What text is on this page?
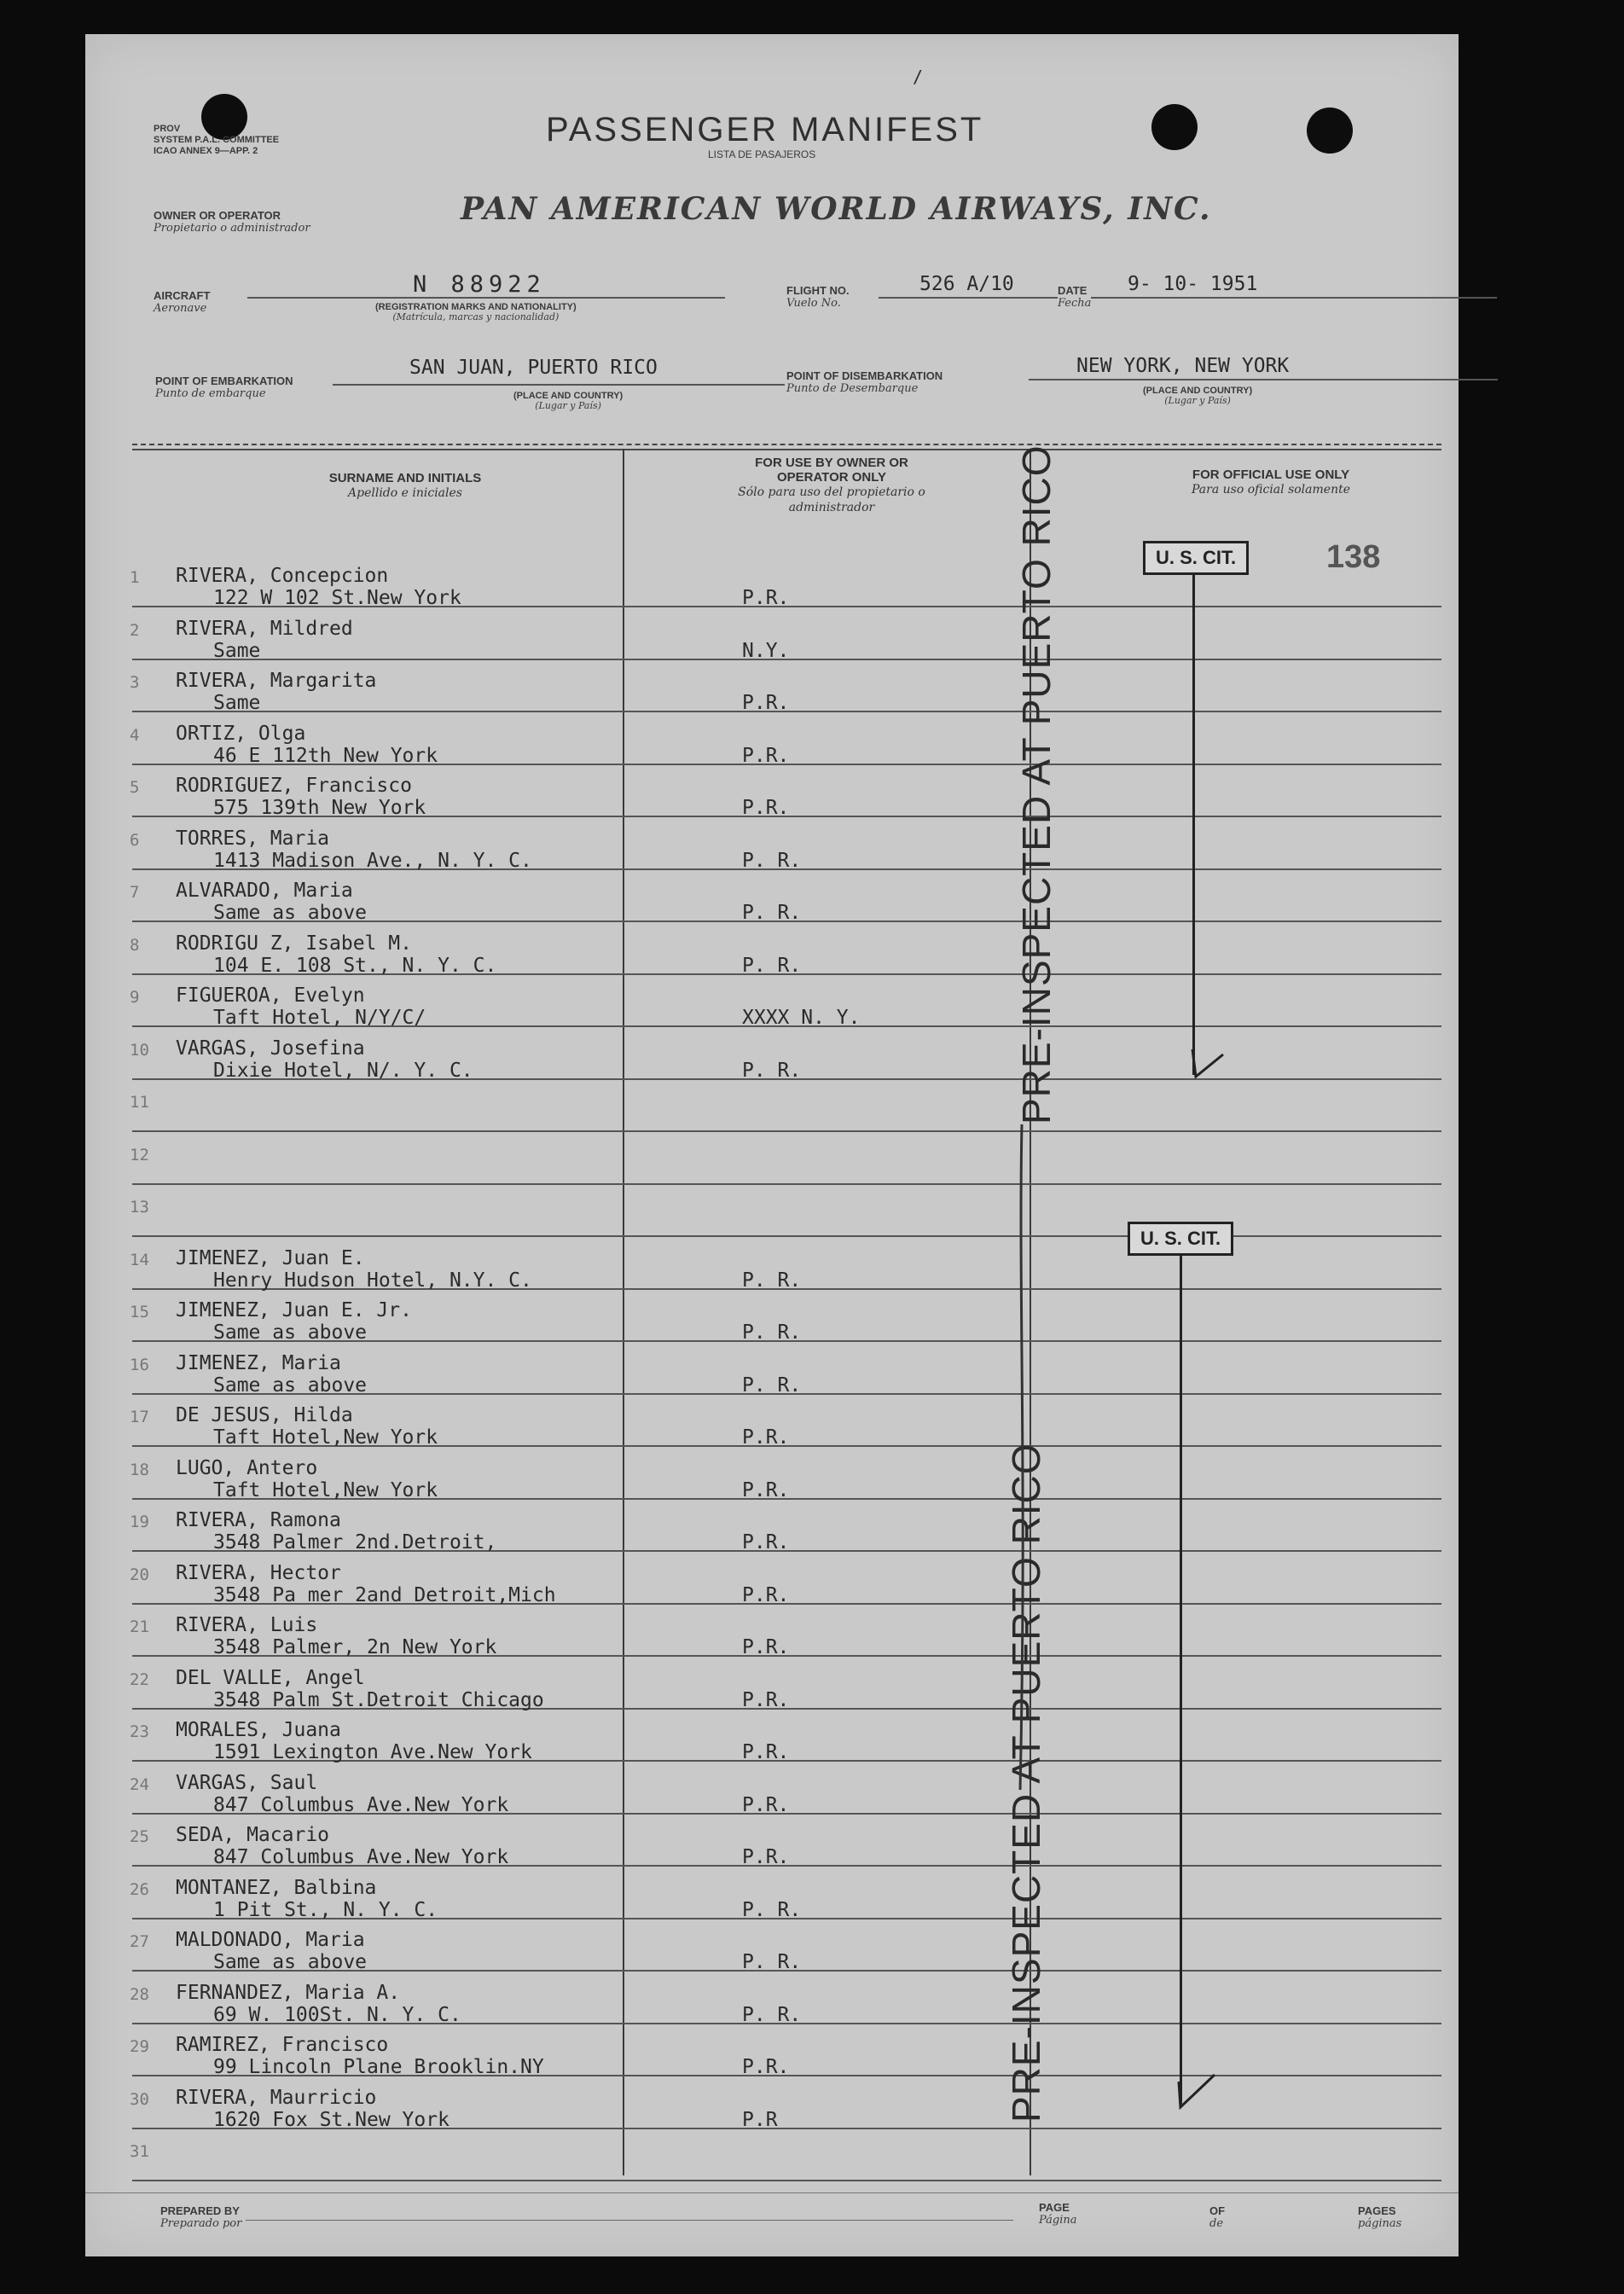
PROV
SYSTEM P.A.L. COMMITTEE
ICAO ANNEX 9—APP. 2
/
PASSENGER MANIFEST
LISTA DE PASAJEROS
OWNER OR OPERATOR
Propietario o administrador
PAN AMERICAN WORLD AIRWAYS, INC.
AIRCRAFT
Aeronave
N 88922
(REGISTRATION MARKS AND NATIONALITY)
(Matrícula, marcas y nacionalidad)
FLIGHT NO.
Vuelo No.
526 A/10	DATE
Fecha
9- 10- 1951
POINT OF EMBARKATION
Punto de embarque
SAN JUAN, PUERTO RICO
(PLACE AND COUNTRY)
(Lugar y País)
POINT OF DISEMBARKATION
Punto de Desembarque
NEW YORK, NEW YORK
(PLACE AND COUNTRY)
(Lugar y País)
SURNAME AND INITIALS
Apellido e iniciales
FOR USE BY OWNER OR OPERATOR ONLY
Sólo para uso del propietario o administrador
FOR OFFICIAL USE ONLY
Para uso oficial solamente
1 RIVERA, Concepcion
122 W 102 St.New York	P.R.
2 RIVERA, Mildred
Same	N.Y.
3 RIVERA, Margarita
Same	P.R.
4 ORTIZ, Olga
46 E 112th New York	P.R.
5 RODRIGUEZ, Francisco
575 139th New York	P.R.
6 TORRES, Maria
1413 Madison Ave., N. Y. C.	P. R.
7 ALVARADO, Maria
Same as above	P. R.
8 RODRIGU Z, Isabel M.
104 E. 108 St., N. Y. C.	P. R.
9 FIGUEROA, Evelyn
Taft Hotel, N/Y/C/	XXXX N. Y.
10 VARGAS, Josefina
Dixie Hotel, N/. Y. C.	P. R.
11
12
13
14 JIMENEZ, Juan E.
Henry Hudson Hotel, N.Y. C.	P. R.
15 JIMENEZ, Juan E. Jr.
Same as above	P. R.
16 JIMENEZ, Maria
Same as above	P. R.
17 DE JESUS, Hilda
Taft Hotel,New York	P.R.
18 LUGO, Antero
Taft Hotel,New York	P.R.
19 RIVERA, Ramona
3548 Palmer 2nd.Detroit,	P.R.
20 RIVERA, Hector
3548 Pa mer 2and Detroit,Mich	P.R.
21 RIVERA, Luis
3548 Palmer, 2n New York	P.R.
22 DEL VALLE, Angel
3548 Palm St.Detroit Chicago	P.R.
23 MORALES, Juana
1591 Lexington Ave.New York	P.R.
24 VARGAS, Saul
847 Columbus Ave.New York	P.R.
25 SEDA, Macario
847 Columbus Ave.New York	P.R.
26 MONTANEZ, Balbina
1 Pit St., N. Y. C.	P. R.
27 MALDONADO, Maria
Same as above	P. R.
28 FERNANDEZ, Maria A.
69 W. 100St. N. Y. C.	P. R.
29 RAMIREZ, Francisco
99 Lincoln Plane Brooklin.NY	P.R.
30 RIVERA, Maurricio
1620 Fox St.New York	P.R
31
138
U. S. CIT.
U. S. CIT.
PRE-INSPECTED AT PUERTO RICO
PRE-INSPECTED AT PUERTO RICO
PREPARED BY
Preparado por
PAGE
Página
OF
de
PAGES
páginas
